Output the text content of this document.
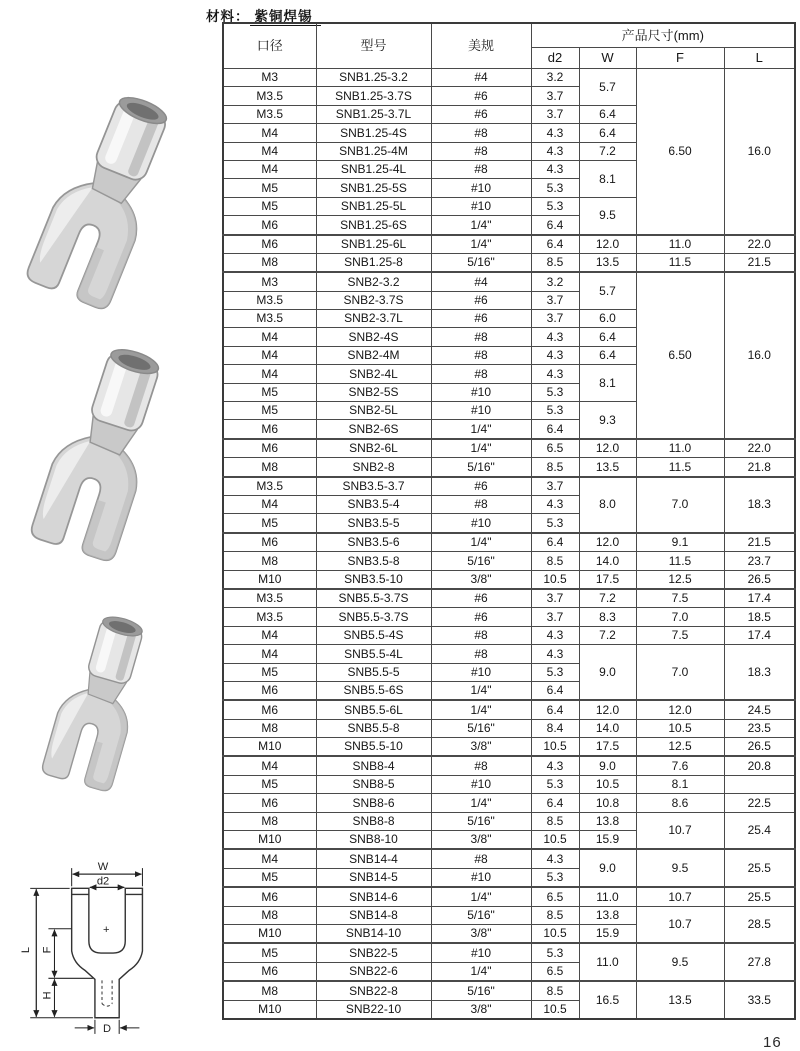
材料： 紫铜焊锡
+
W
d2
L F
H
D
口径	型号	美规	产品尺寸(mm)			
			d2	W	F	L
M3	SNB1.25-3.2	#4	3.2	5.7	6.50	16.0
M3.5	SNB1.25-3.7S	#6	3.7			
M3.5	SNB1.25-3.7L	#6	3.7	6.4		
M4	SNB1.25-4S	#8	4.3	6.4		
M4	SNB1.25-4M	#8	4.3	7.2		
M4	SNB1.25-4L	#8	4.3	8.1		
M5	SNB1.25-5S	#10	5.3			
M5	SNB1.25-5L	#10	5.3	9.5		
M6	SNB1.25-6S	1/4"	6.4			
M6	SNB1.25-6L	1/4"	6.4	12.0	11.0	22.0
M8	SNB1.25-8	5/16"	8.5	13.5	11.5	21.5
M3	SNB2-3.2	#4	3.2	5.7	6.50	16.0
M3.5	SNB2-3.7S	#6	3.7			
M3.5	SNB2-3.7L	#6	3.7	6.0		
M4	SNB2-4S	#8	4.3	6.4		
M4	SNB2-4M	#8	4.3	6.4		
M4	SNB2-4L	#8	4.3	8.1		
M5	SNB2-5S	#10	5.3			
M5	SNB2-5L	#10	5.3	9.3		
M6	SNB2-6S	1/4"	6.4			
M6	SNB2-6L	1/4"	6.5	12.0	11.0	22.0
M8	SNB2-8	5/16"	8.5	13.5	11.5	21.8
M3.5	SNB3.5-3.7	#6	3.7	8.0	7.0	18.3
M4	SNB3.5-4	#8	4.3			
M5	SNB3.5-5	#10	5.3			
M6	SNB3.5-6	1/4"	6.4	12.0	9.1	21.5
M8	SNB3.5-8	5/16"	8.5	14.0	11.5	23.7
M10	SNB3.5-10	3/8"	10.5	17.5	12.5	26.5
M3.5	SNB5.5-3.7S	#6	3.7	7.2	7.5	17.4
M3.5	SNB5.5-3.7S	#6	3.7	8.3	7.0	18.5
M4	SNB5.5-4S	#8	4.3	7.2	7.5	17.4
M4	SNB5.5-4L	#8	4.3	9.0	7.0	18.3
M5	SNB5.5-5	#10	5.3			
M6	SNB5.5-6S	1/4"	6.4			
M6	SNB5.5-6L	1/4"	6.4	12.0	12.0	24.5
M8	SNB5.5-8	5/16"	8.4	14.0	10.5	23.5
M10	SNB5.5-10	3/8"	10.5	17.5	12.5	26.5
M4	SNB8-4	#8	4.3	9.0	7.6	20.8
M5	SNB8-5	#10	5.3	10.5	8.1	
M6	SNB8-6	1/4"	6.4	10.8	8.6	22.5
M8	SNB8-8	5/16"	8.5	13.8	10.7	25.4
M10	SNB8-10	3/8"	10.5	15.9		
M4	SNB14-4	#8	4.3	9.0	9.5	25.5
M5	SNB14-5	#10	5.3			
M6	SNB14-6	1/4"	6.5	11.0	10.7	25.5
M8	SNB14-8	5/16"	8.5	13.8	10.7	28.5
M10	SNB14-10	3/8"	10.5	15.9		
M5	SNB22-5	#10	5.3	11.0	9.5	27.8
M6	SNB22-6	1/4"	6.5			
M8	SNB22-8	5/16"	8.5	16.5	13.5	33.5
M10	SNB22-10	3/8"	10.5			
16
